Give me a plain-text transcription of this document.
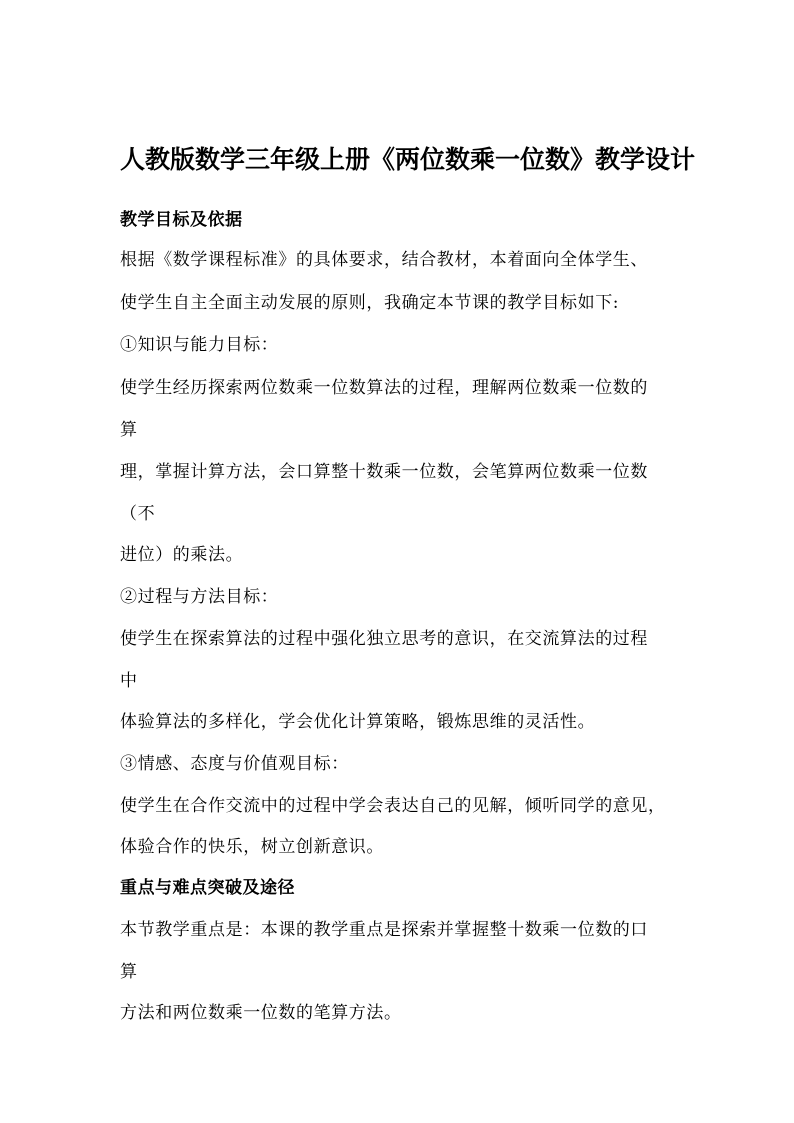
人教版数学三年级上册《两位数乘一位数》教学设计
教学目标及依据
根据《数学课程标准》的具体要求，结合教材，本着面向全体学生、
使学生自主全面主动发展的原则，我确定本节课的教学目标如下:
①知识与能力目标：
使学生经历探索两位数乘一位数算法的过程，理解两位数乘一位数的
算
理，掌握计算方法，会口算整十数乘一位数，会笔算两位数乘一位数
（不
进位）的乘法。
②过程与方法目标：
使学生在探索算法的过程中强化独立思考的意识，在交流算法的过程
中
体验算法的多样化，学会优化计算策略，锻炼思维的灵活性。
③情感、态度与价值观目标：
使学生在合作交流中的过程中学会表达自己的见解，倾听同学的意见，
体验合作的快乐，树立创新意识。
重点与难点突破及途径
本节教学重点是：本课的教学重点是探索并掌握整十数乘一位数的口
算
方法和两位数乘一位数的笔算方法。
